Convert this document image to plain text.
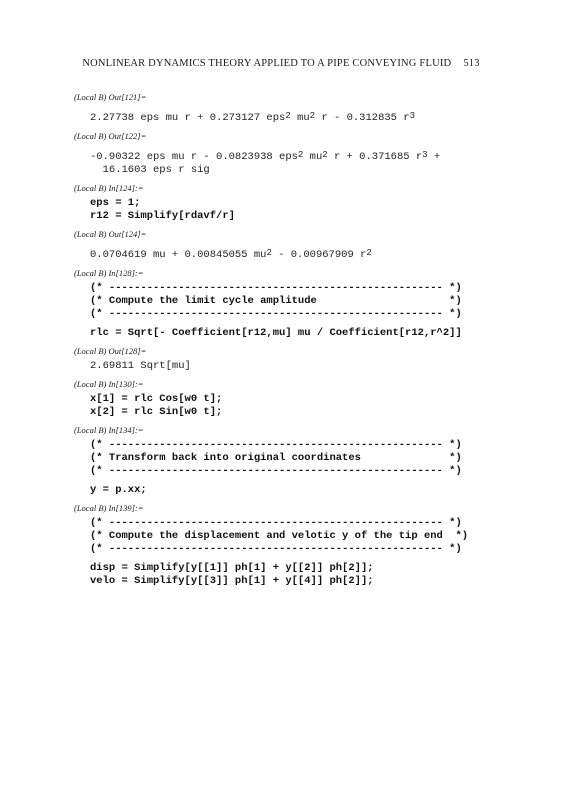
NONLINEAR DYNAMICS THEORY APPLIED TO A PIPE CONVEYING FLUID 513
(Local B) Out[121]=
2.27738 eps mu r + 0.273127 eps$^2$ $mu^2$ r - 0.312835 $r^3$
(Local B) Out[122]=
-0.90322 eps mu r - 0.0823938 eps$^2$ $mu^2$ r + 0.371685 $r^3$ +
16.1603 eps r sig
(Local B) In[124]:=
eps = 1;
r12 = Simplify[rdavf/r]
(Local B) Out[124]=
0.0704619 mu + 0.00845055 $mu^2 - 0.00967909$ $r^2$
(Local B) In[128]:=
(* ----------------------------------------------------- *)
(* Compute the limit cycle amplitude                     *)
(* ----------------------------------------------------- *)
rlc = Sqrt[- Coefficient[r12,mu] mu / Coefficient[r12,r^2]]
(Local B) Out[128]=
2.69811 Sqrt[mu]
(Local B) In[130]:=
x[1] = rlc Cos[w0 t];
x[2] = rlc Sin[w0 t];
(Local B) In[134]:=
(* ----------------------------------------------------- *)
(* Transform back into original coordinates              *)
(* ----------------------------------------------------- *)
y = p.xx;
(Local B) In[139]:=
(* ----------------------------------------------------- *)
(* Compute the displacement and velotic y of the tip end  *)
(* ----------------------------------------------------- *)
disp = Simplify[y[[1]] ph[1] + y[[2]] ph[2]];
velo = Simplify[y[[3]] ph[1] + y[[4]] ph[2]];
